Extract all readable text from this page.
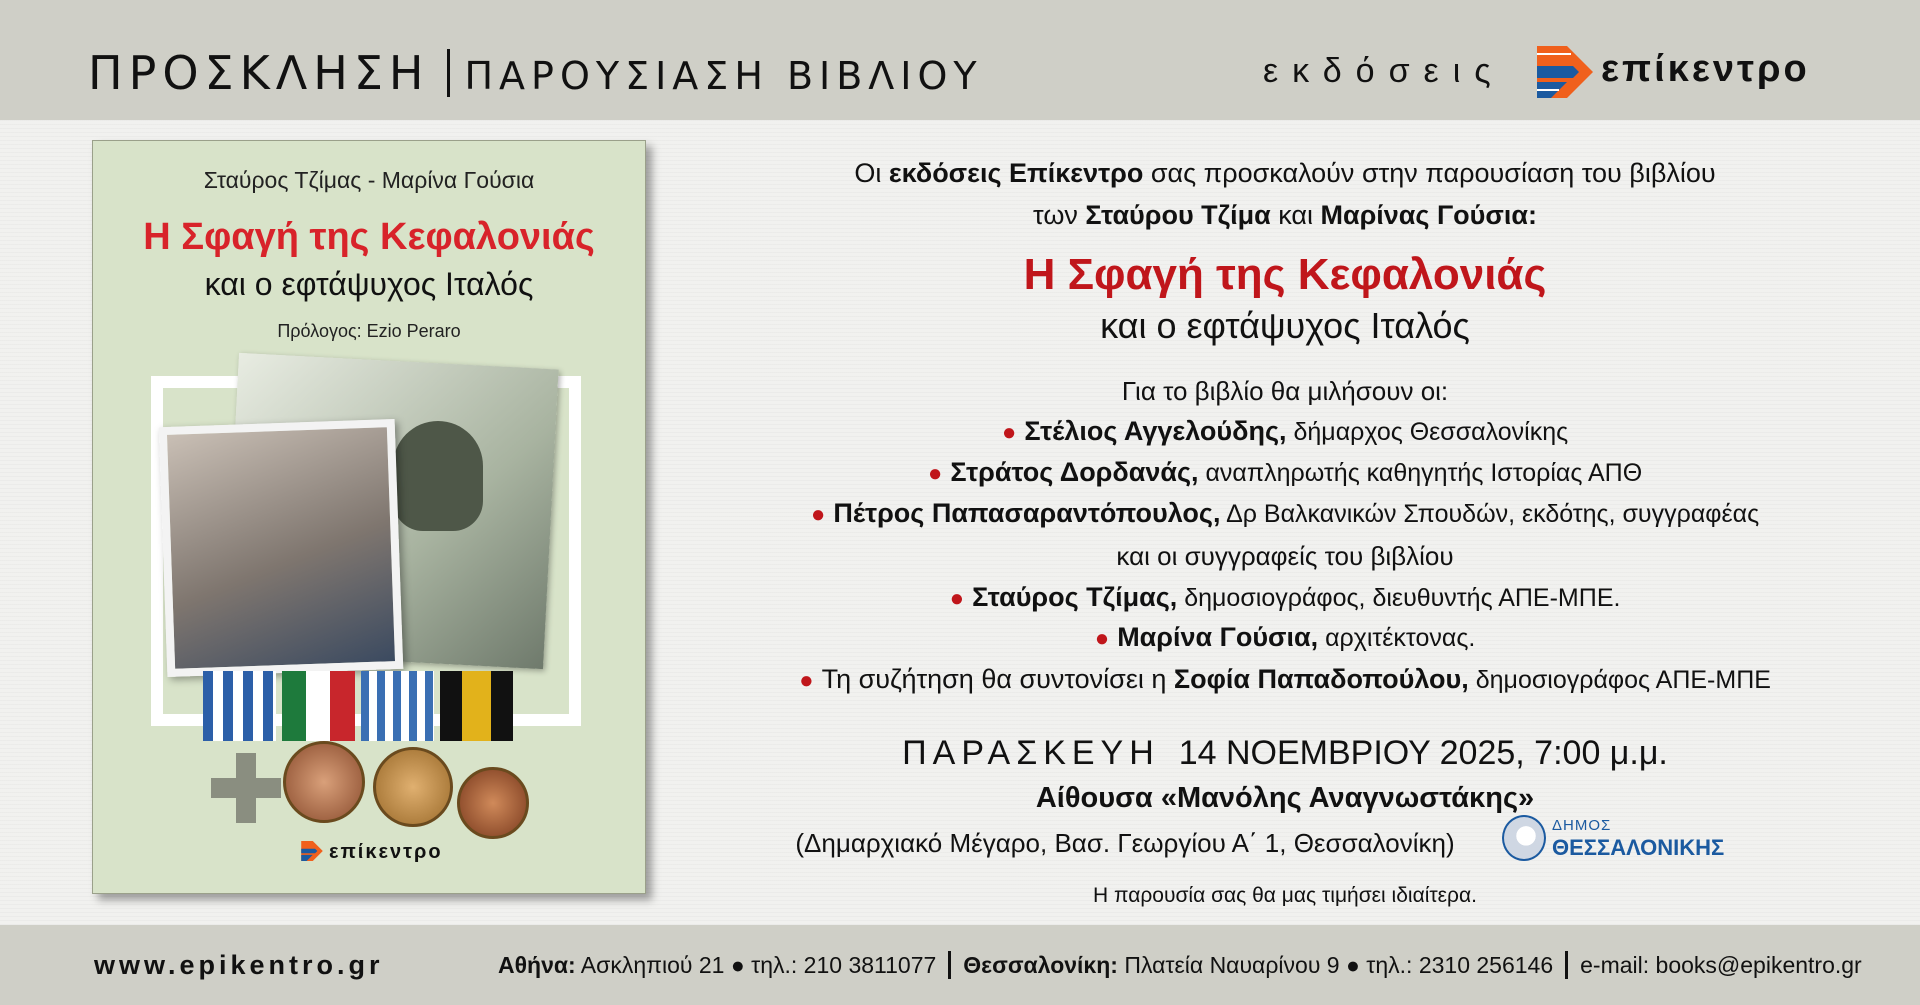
ΠΡΟΣΚΛΗΣΗ ΠΑΡΟΥΣΙΑΣΗ ΒΙΒΛΙΟΥ	εκδόσεις	επίκεντρο
Σταύρος Τζίμας - Μαρίνα Γούσια
Η Σφαγή της Κεφαλονιάς
και ο εφτάψυχος Ιταλός
Πρόλογος: Ezio Peraro
επίκεντρο
Οι εκδόσεις Επίκεντρο σας προσκαλούν στην παρουσίαση του βιβλίου
των Σταύρου Τζίμα και Μαρίνας Γούσια:
Η Σφαγή της Κεφαλονιάς
και ο εφτάψυχος Ιταλός
Για το βιβλίο θα μιλήσουν οι:
● Στέλιος Αγγελούδης, δήμαρχος Θεσσαλονίκης
● Στράτος Δορδανάς, αναπληρωτής καθηγητής Ιστορίας ΑΠΘ
● Πέτρος Παπασαραντόπουλος, Δρ Βαλκανικών Σπουδών, εκδότης, συγγραφέας
και οι συγγραφείς του βιβλίου
● Σταύρος Τζίμας, δημοσιογράφος, διευθυντής ΑΠΕ-ΜΠΕ.
● Μαρίνα Γούσια, αρχιτέκτονας.
● Τη συζήτηση θα συντονίσει η Σοφία Παπαδοπούλου, δημοσιογράφος ΑΠΕ-ΜΠΕ
ΠΑΡΑΣΚΕΥΗ 14 ΝΟΕΜΒΡΙΟΥ 2025, 7:00 μ.μ.
Αίθουσα «Μανόλης Αναγνωστάκης»
(Δημαρχιακό Μέγαρο, Βασ. Γεωργίου Α΄ 1, Θεσσαλονίκη)
Η παρουσία σας θα μας τιμήσει ιδιαίτερα.
ΔΗΜΟΣ
ΘΕΣΣΑΛΟΝΙΚΗΣ
www.epikentro.gr	Αθήνα: Ασκληπιού 21 ● τηλ.: 210 3811077 Θεσσαλονίκη: Πλατεία Ναυαρίνου 9 ● τηλ.: 2310 256146 e-mail: books@epikentro.gr
